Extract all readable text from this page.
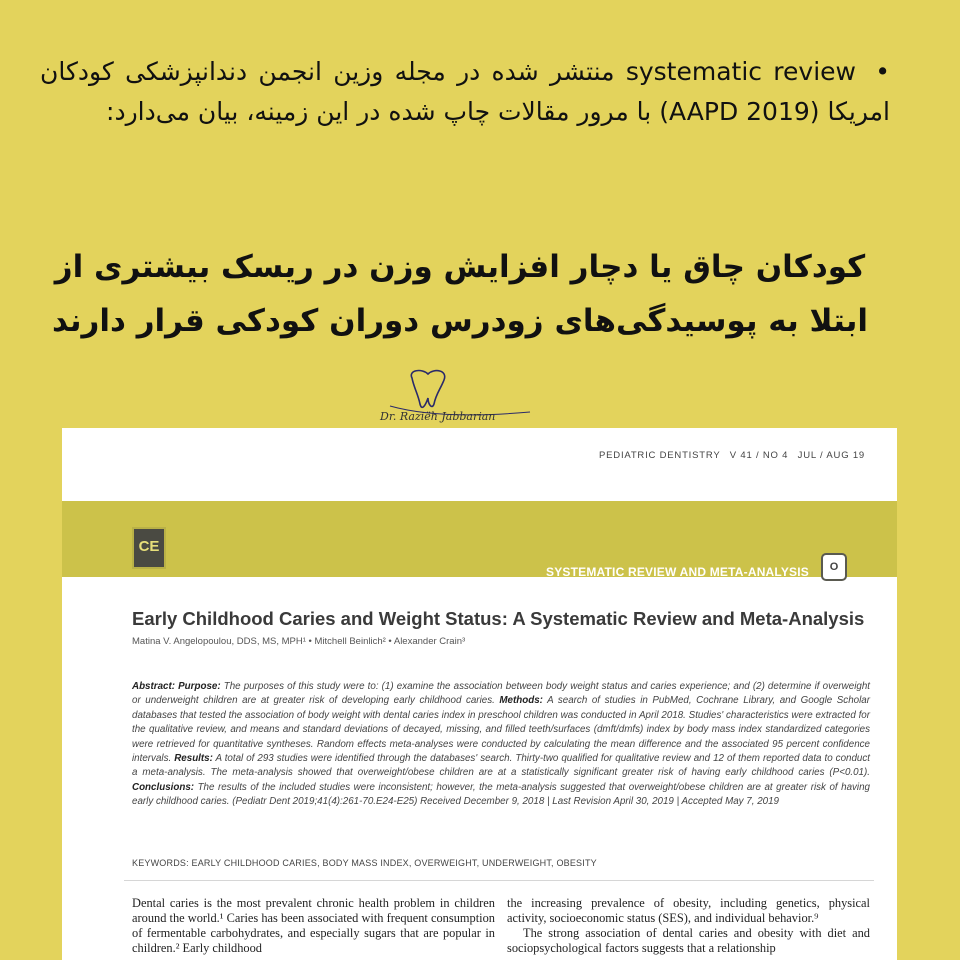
• systematic review منتشر شده در مجله وزین انجمن دندانپزشکی کودکان امریکا (AAPD 2019) با مرور مقالات چاپ شده در این زمینه، بیان می‌دارد:
کودکان چاق یا دچار افزایش وزن در ریسک بیشتری از ابتلا به پوسیدگی‌های زودرس دوران کودکی قرار دارند
Dr. Raziëh Jabbarian
PEDIATRIC DENTISTRY V 41 / NO 4 JUL / AUG 19
CE
SYSTEMATIC REVIEW AND META-ANALYSIS	O
Early Childhood Caries and Weight Status: A Systematic Review and Meta-Analysis
Matina V. Angelopoulou, DDS, MS, MPH¹ • Mitchell Beinlich² • Alexander Crain³
Abstract: Purpose: The purposes of this study were to: (1) examine the association between body weight status and caries experience; and (2) determine if overweight or underweight children are at greater risk of developing early childhood caries. Methods: A search of studies in PubMed, Cochrane Library, and Google Scholar databases that tested the association of body weight with dental caries index in preschool children was conducted in April 2018. Studies' characteristics were extracted for the qualitative review, and means and standard deviations of decayed, missing, and filled teeth/surfaces (dmft/dmfs) index by body mass index standardized categories were retrieved for quantitative syntheses. Random effects meta-analyses were conducted by calculating the mean difference and the associated 95 percent confidence intervals. Results: A total of 293 studies were identified through the databases' search. Thirty-two qualified for qualitative review and 12 of them reported data to conduct a meta-analysis. The meta-analysis showed that overweight/obese children are at a statistically significant greater risk of having early childhood caries (P<0.01). Conclusions: The results of the included studies were inconsistent; however, the meta-analysis suggested that overweight/obese children are at greater risk of having early childhood caries. (Pediatr Dent 2019;41(4):261-70.E24-E25) Received December 9, 2018 | Last Revision April 30, 2019 | Accepted May 7, 2019
KEYWORDS: EARLY CHILDHOOD CARIES, BODY MASS INDEX, OVERWEIGHT, UNDERWEIGHT, OBESITY

Dental caries is the most prevalent chronic health problem in children around the world.¹ Caries has been associated with frequent consumption of fermentable carbohydrates, and especially sugars that are popular in children.² Early childhood

the increasing prevalence of obesity, including genetics, physical activity, socioeconomic status (SES), and individual behavior.⁹
The strong association of dental caries and obesity with diet and sociopsychological factors suggests that a relationship
